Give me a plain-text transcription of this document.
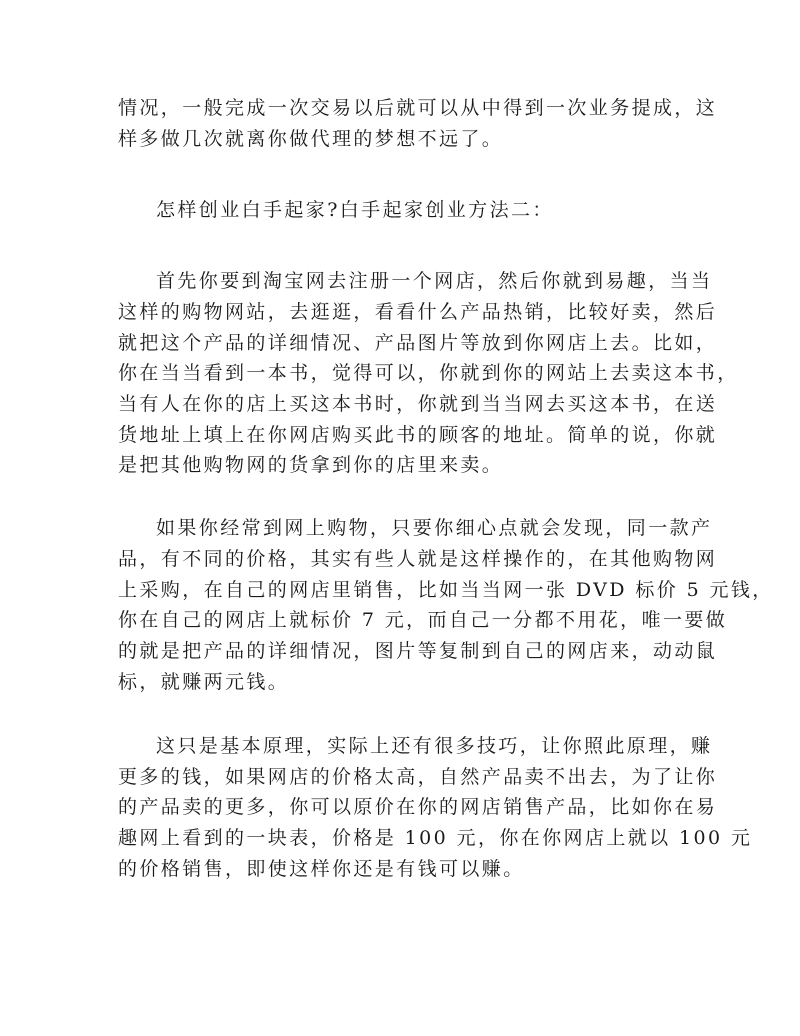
情况，一般完成一次交易以后就可以从中得到一次业务提成，这
样多做几次就离你做代理的梦想不远了。
怎样创业白手起家?白手起家创业方法二：
首先你要到淘宝网去注册一个网店，然后你就到易趣，当当
这样的购物网站，去逛逛，看看什么产品热销，比较好卖，然后
就把这个产品的详细情况、产品图片等放到你网店上去。比如，
你在当当看到一本书，觉得可以，你就到你的网站上去卖这本书，
当有人在你的店上买这本书时，你就到当当网去买这本书，在送
货地址上填上在你网店购买此书的顾客的地址。简单的说，你就
是把其他购物网的货拿到你的店里来卖。
如果你经常到网上购物，只要你细心点就会发现，同一款产
品，有不同的价格，其实有些人就是这样操作的，在其他购物网
上采购，在自己的网店里销售，比如当当网一张 DVD 标价 5 元钱，
你在自己的网店上就标价 7 元，而自己一分都不用花，唯一要做
的就是把产品的详细情况，图片等复制到自己的网店来，动动鼠
标，就赚两元钱。
这只是基本原理，实际上还有很多技巧，让你照此原理，赚
更多的钱，如果网店的价格太高，自然产品卖不出去，为了让你
的产品卖的更多，你可以原价在你的网店销售产品，比如你在易
趣网上看到的一块表，价格是 100 元，你在你网店上就以 100 元
的价格销售，即使这样你还是有钱可以赚。
